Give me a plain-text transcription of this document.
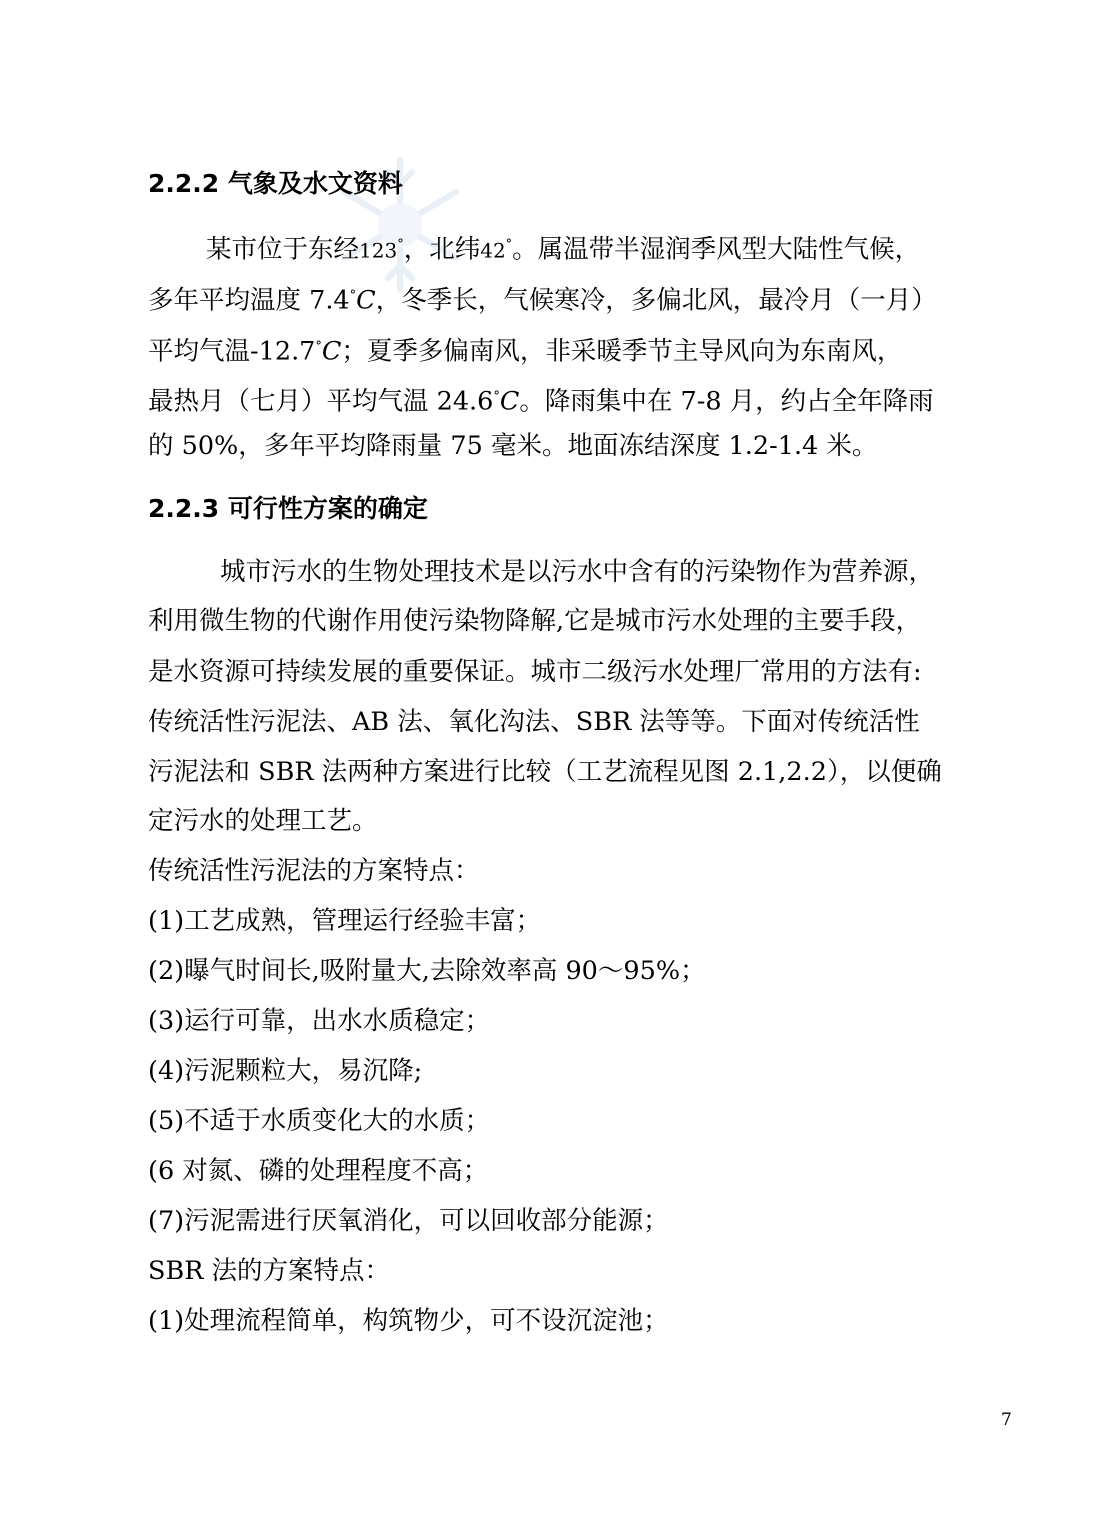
2.2.2 气象及水文资料
某市位于东经123°，北纬42°。属温带半湿润季风型大陆性气候，
多年平均温度 7.4°C，冬季长，气候寒冷，多偏北风，最冷月（一月）
平均气温-12.7°C；夏季多偏南风，非采暖季节主导风向为东南风，
最热月（七月）平均气温 24.6°C。降雨集中在 7-8 月，约占全年降雨
的 50%，多年平均降雨量 75 毫米。地面冻结深度 1.2-1.4 米。
2.2.3 可行性方案的确定
城市污水的生物处理技术是以污水中含有的污染物作为营养源，
利用微生物的代谢作用使污染物降解,它是城市污水处理的主要手段，
是水资源可持续发展的重要保证。城市二级污水处理厂常用的方法有:
传统活性污泥法、AB 法、氧化沟法、SBR 法等等。下面对传统活性
污泥法和 SBR 法两种方案进行比较（工艺流程见图 2.1,2.2），以便确
定污水的处理工艺。
传统活性污泥法的方案特点：
(1)工艺成熟，管理运行经验丰富；
(2)曝气时间长,吸附量大,去除效率高 90～95%；
(3)运行可靠，出水水质稳定；
(4)污泥颗粒大，易沉降;
(5)不适于水质变化大的水质；
(6 对氮、磷的处理程度不高；
(7)污泥需进行厌氧消化，可以回收部分能源；
SBR 法的方案特点：
(1)处理流程简单，构筑物少，可不设沉淀池；
7
